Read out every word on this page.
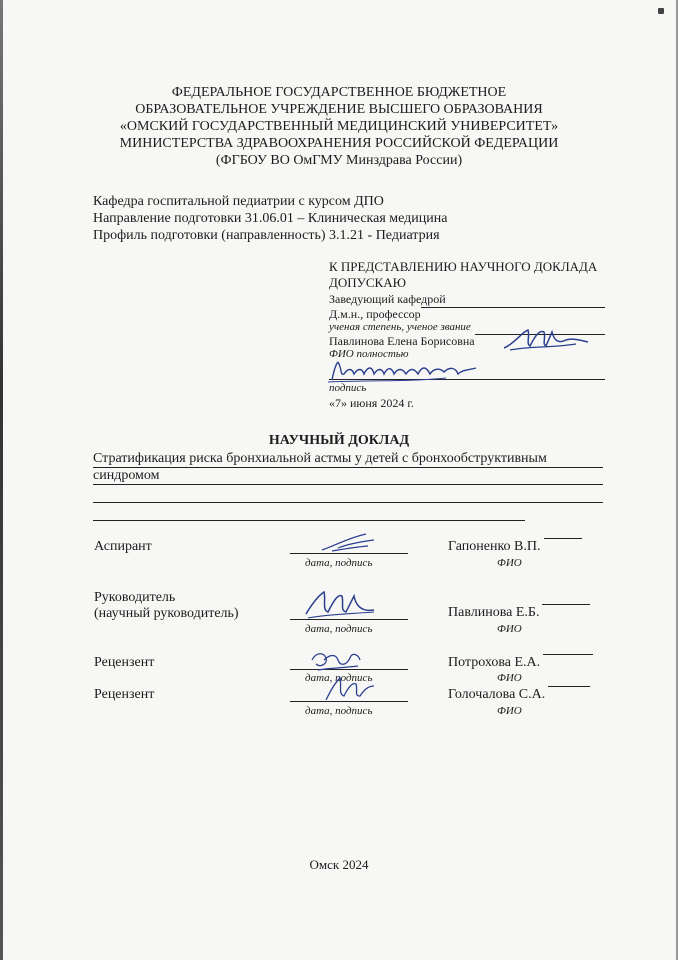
ФЕДЕРАЛЬНОЕ ГОСУДАРСТВЕННОЕ БЮДЖЕТНОЕ
ОБРАЗОВАТЕЛЬНОЕ УЧРЕЖДЕНИЕ ВЫСШЕГО ОБРАЗОВАНИЯ
«ОМСКИЙ ГОСУДАРСТВЕННЫЙ МЕДИЦИНСКИЙ УНИВЕРСИТЕТ»
МИНИСТЕРСТВА ЗДРАВООХРАНЕНИЯ РОССИЙСКОЙ ФЕДЕРАЦИИ
(ФГБОУ ВО ОмГМУ Минздрава России)
Кафедра госпитальной педиатрии с курсом ДПО
Направление подготовки 31.06.01 – Клиническая медицина
Профиль подготовки (направленность) 3.1.21 - Педиатрия
К ПРЕДСТАВЛЕНИЮ НАУЧНОГО ДОКЛАДА
ДОПУСКАЮ
Заведующий кафедрой
Д.м.н., профессор
ученая степень, ученое звание
Павлинова Елена Борисовна
ФИО полностью
подпись
«7» июня 2024 г.
НАУЧНЫЙ ДОКЛАД
Стратификация риска бронхиальной астмы у детей с бронхообструктивным
синдромом
Аспирант
дата, подпись
Гапоненко В.П.
ФИО
Руководитель
(научный руководитель)
дата, подпись
Павлинова Е.Б.
ФИО
Рецензент
дата, подпись
Потрохова Е.А.
ФИО
Рецензент
дата, подпись
Голочалова С.А.
ФИО
Омск 2024
